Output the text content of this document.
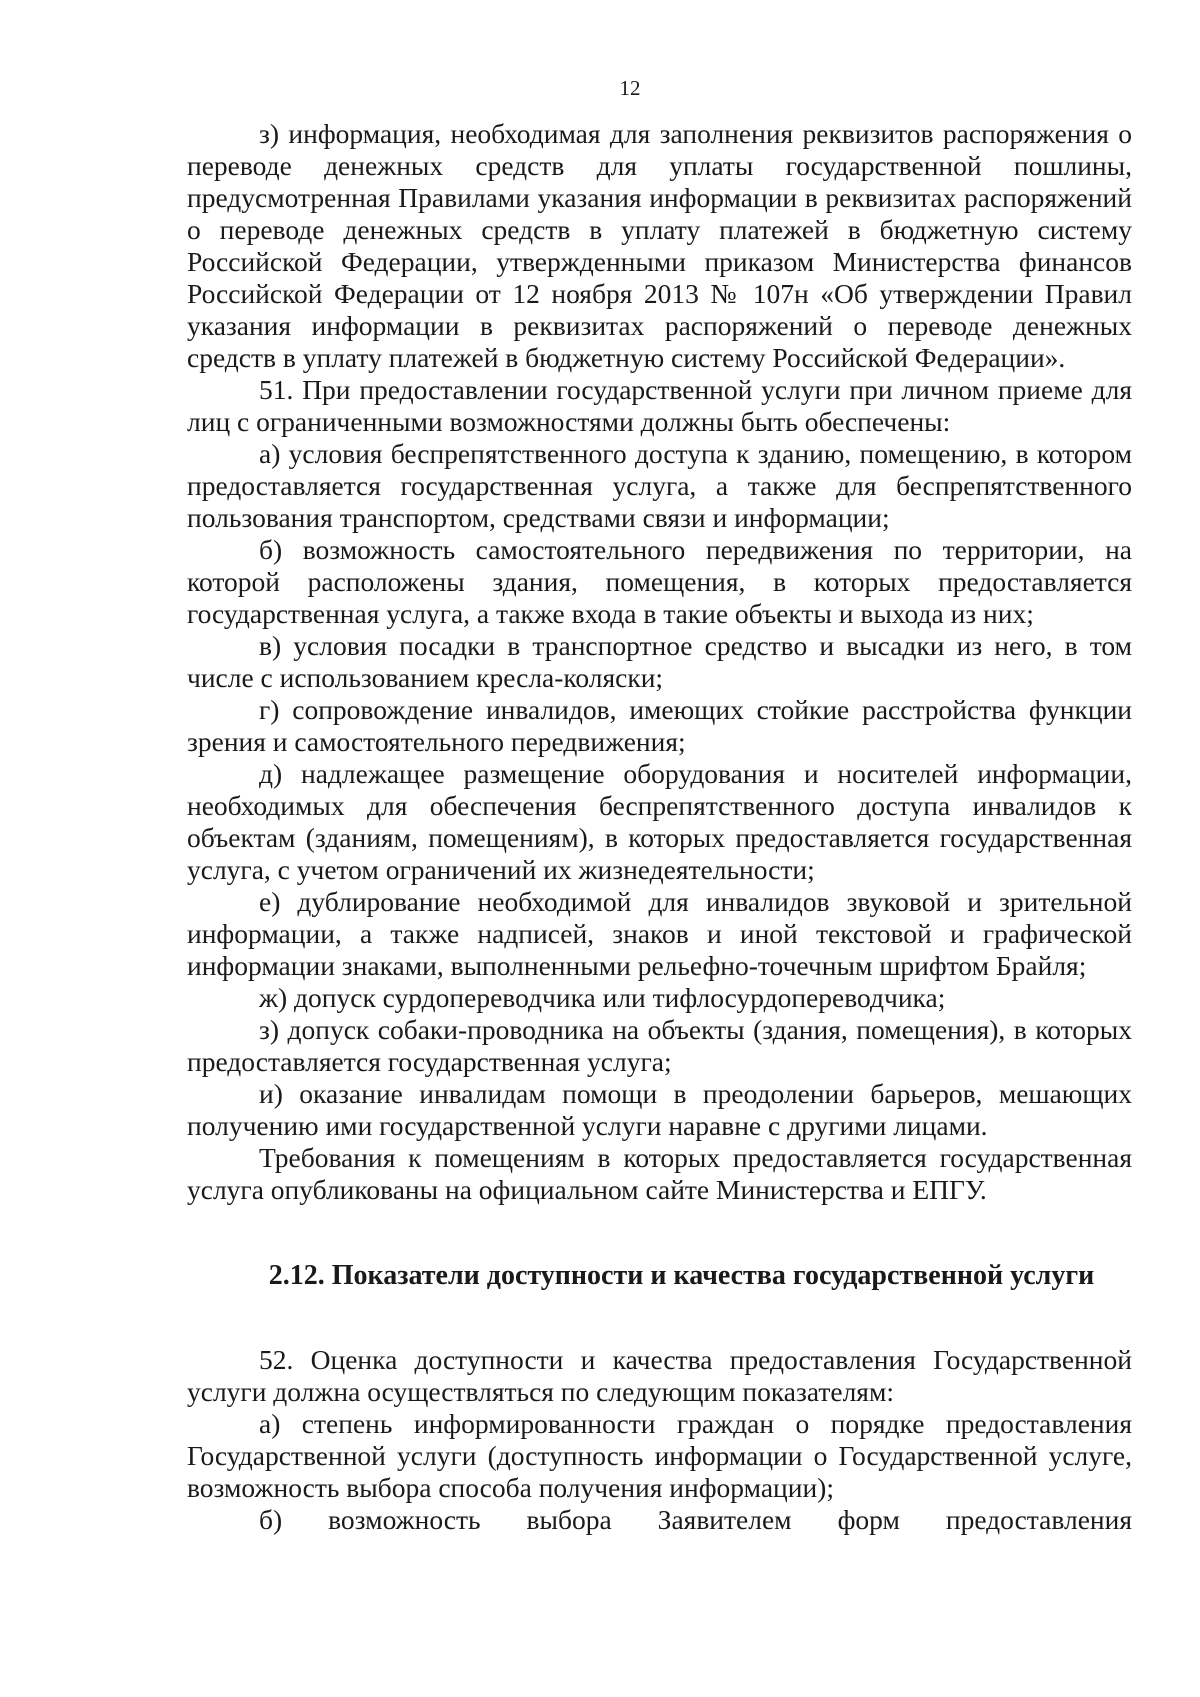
12

з) информация, необходимая для заполнения реквизитов распоряжения о переводе денежных средств для уплаты государственной пошлины, предусмотренная Правилами указания информации в реквизитах распоряжений о переводе денежных средств в уплату платежей в бюджетную систему Российской Федерации, утвержденными приказом Министерства финансов Российской Федерации от 12 ноября 2013 № 107н «Об утверждении Правил указания информации в реквизитах распоряжений о переводе денежных средств в уплату платежей в бюджетную систему Российской Федерации».

51. При предоставлении государственной услуги при личном приеме для лиц с ограниченными возможностями должны быть обеспечены:

а) условия беспрепятственного доступа к зданию, помещению, в котором предоставляется государственная услуга, а также для беспрепятственного пользования транспортом, средствами связи и информации;

б) возможность самостоятельного передвижения по территории, на которой расположены здания, помещения, в которых предоставляется государственная услуга, а также входа в такие объекты и выхода из них;

в) условия посадки в транспортное средство и высадки из него, в том числе с использованием кресла-коляски;

г) сопровождение инвалидов, имеющих стойкие расстройства функции зрения и самостоятельного передвижения;

д) надлежащее размещение оборудования и носителей информации, необходимых для обеспечения беспрепятственного доступа инвалидов к объектам (зданиям, помещениям), в которых предоставляется государственная услуга, с учетом ограничений их жизнедеятельности;

е) дублирование необходимой для инвалидов звуковой и зрительной информации, а также надписей, знаков и иной текстовой и графической информации знаками, выполненными рельефно-точечным шрифтом Брайля;

ж) допуск сурдопереводчика или тифлосурдопереводчика;

з) допуск собаки-проводника на объекты (здания, помещения), в которых предоставляется государственная услуга;

и) оказание инвалидам помощи в преодолении барьеров, мешающих получению ими государственной услуги наравне с другими лицами.

Требования к помещениям в которых предоставляется государственная услуга опубликованы на официальном сайте Министерства и ЕПГУ.

2.12. Показатели доступности и качества государственной услуги

52. Оценка доступности и качества предоставления Государственной услуги должна осуществляться по следующим показателям:

а) степень информированности граждан о порядке предоставления Государственной услуги (доступность информации о Государственной услуге, возможность выбора способа получения информации);

б) возможность выбора Заявителем форм предоставления
